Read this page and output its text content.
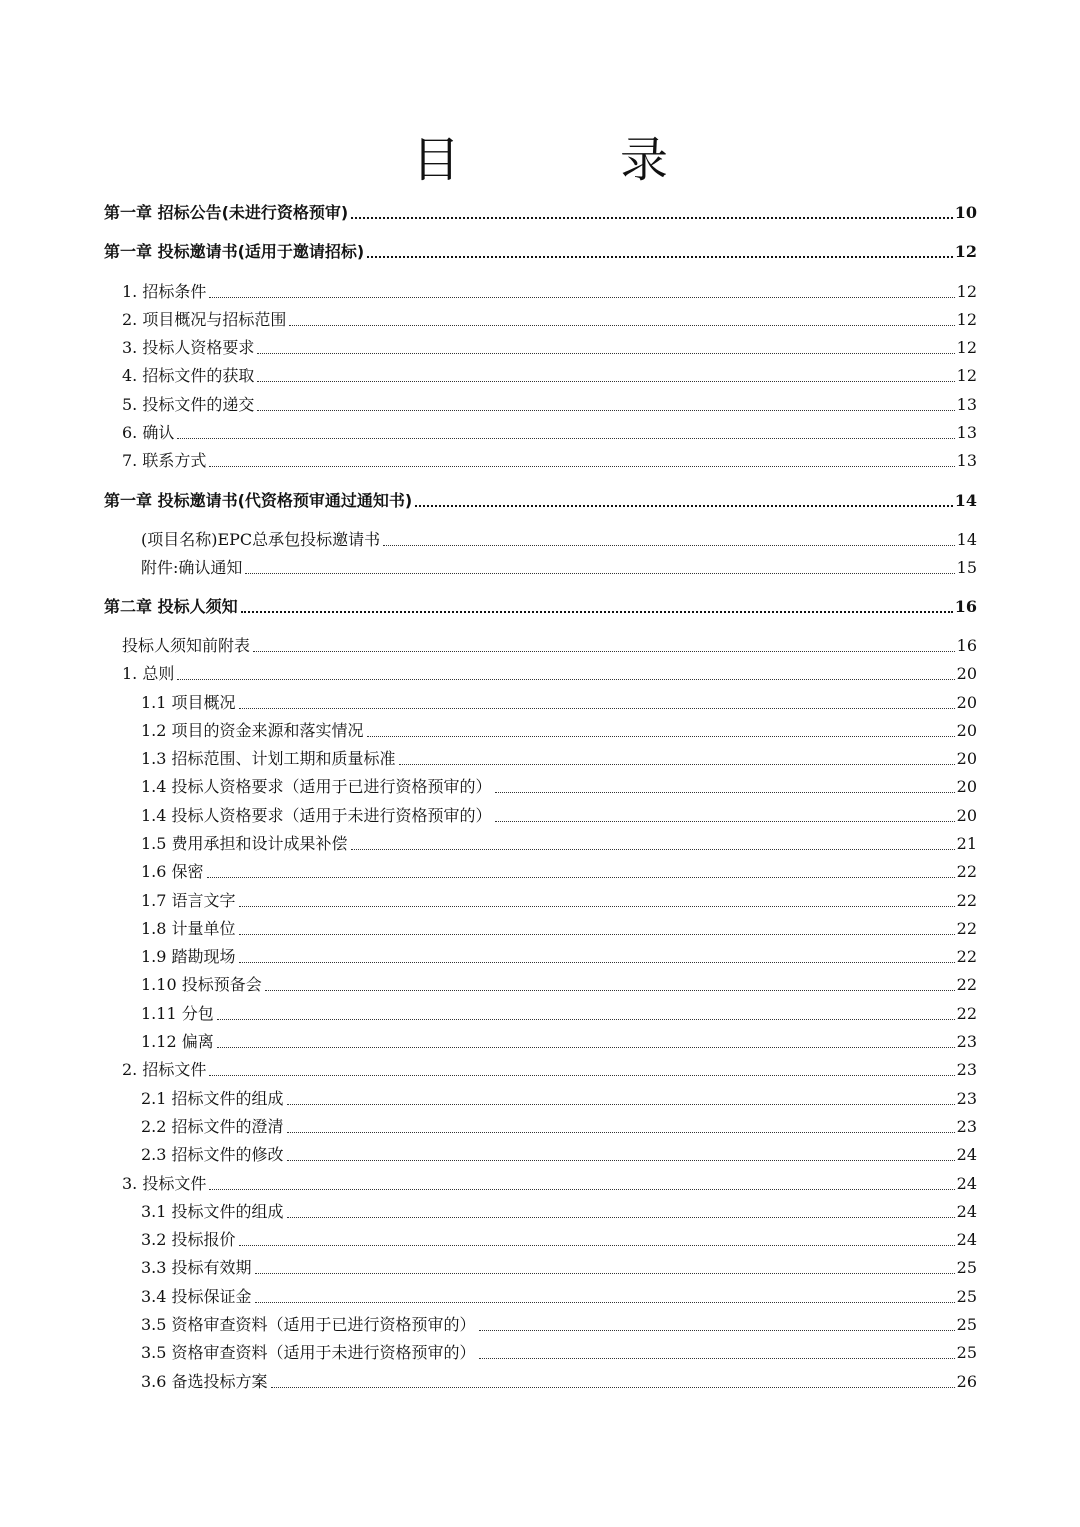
目　录
第一章 招标公告(未进行资格预审)	10
第一章 投标邀请书(适用于邀请招标)	12
1. 招标条件	12
2. 项目概况与招标范围	12
3. 投标人资格要求	12
4. 招标文件的获取	12
5. 投标文件的递交	13
6. 确认	13
7. 联系方式	13
第一章 投标邀请书(代资格预审通过通知书)	14
(项目名称)EPC总承包投标邀请书	14
附件:确认通知	15
第二章 投标人须知	16
投标人须知前附表	16
1. 总则	20
1.1 项目概况	20
1.2 项目的资金来源和落实情况	20
1.3 招标范围、计划工期和质量标准	20
1.4 投标人资格要求（适用于已进行资格预审的）	20
1.4 投标人资格要求（适用于未进行资格预审的）	20
1.5 费用承担和设计成果补偿	21
1.6 保密	22
1.7 语言文字	22
1.8 计量单位	22
1.9 踏勘现场	22
1.10 投标预备会	22
1.11 分包	22
1.12 偏离	23
2. 招标文件	23
2.1 招标文件的组成	23
2.2 招标文件的澄清	23
2.3 招标文件的修改	24
3. 投标文件	24
3.1 投标文件的组成	24
3.2 投标报价	24
3.3 投标有效期	25
3.4 投标保证金	25
3.5 资格审查资料（适用于已进行资格预审的）	25
3.5 资格审查资料（适用于未进行资格预审的）	25
3.6 备选投标方案	26
